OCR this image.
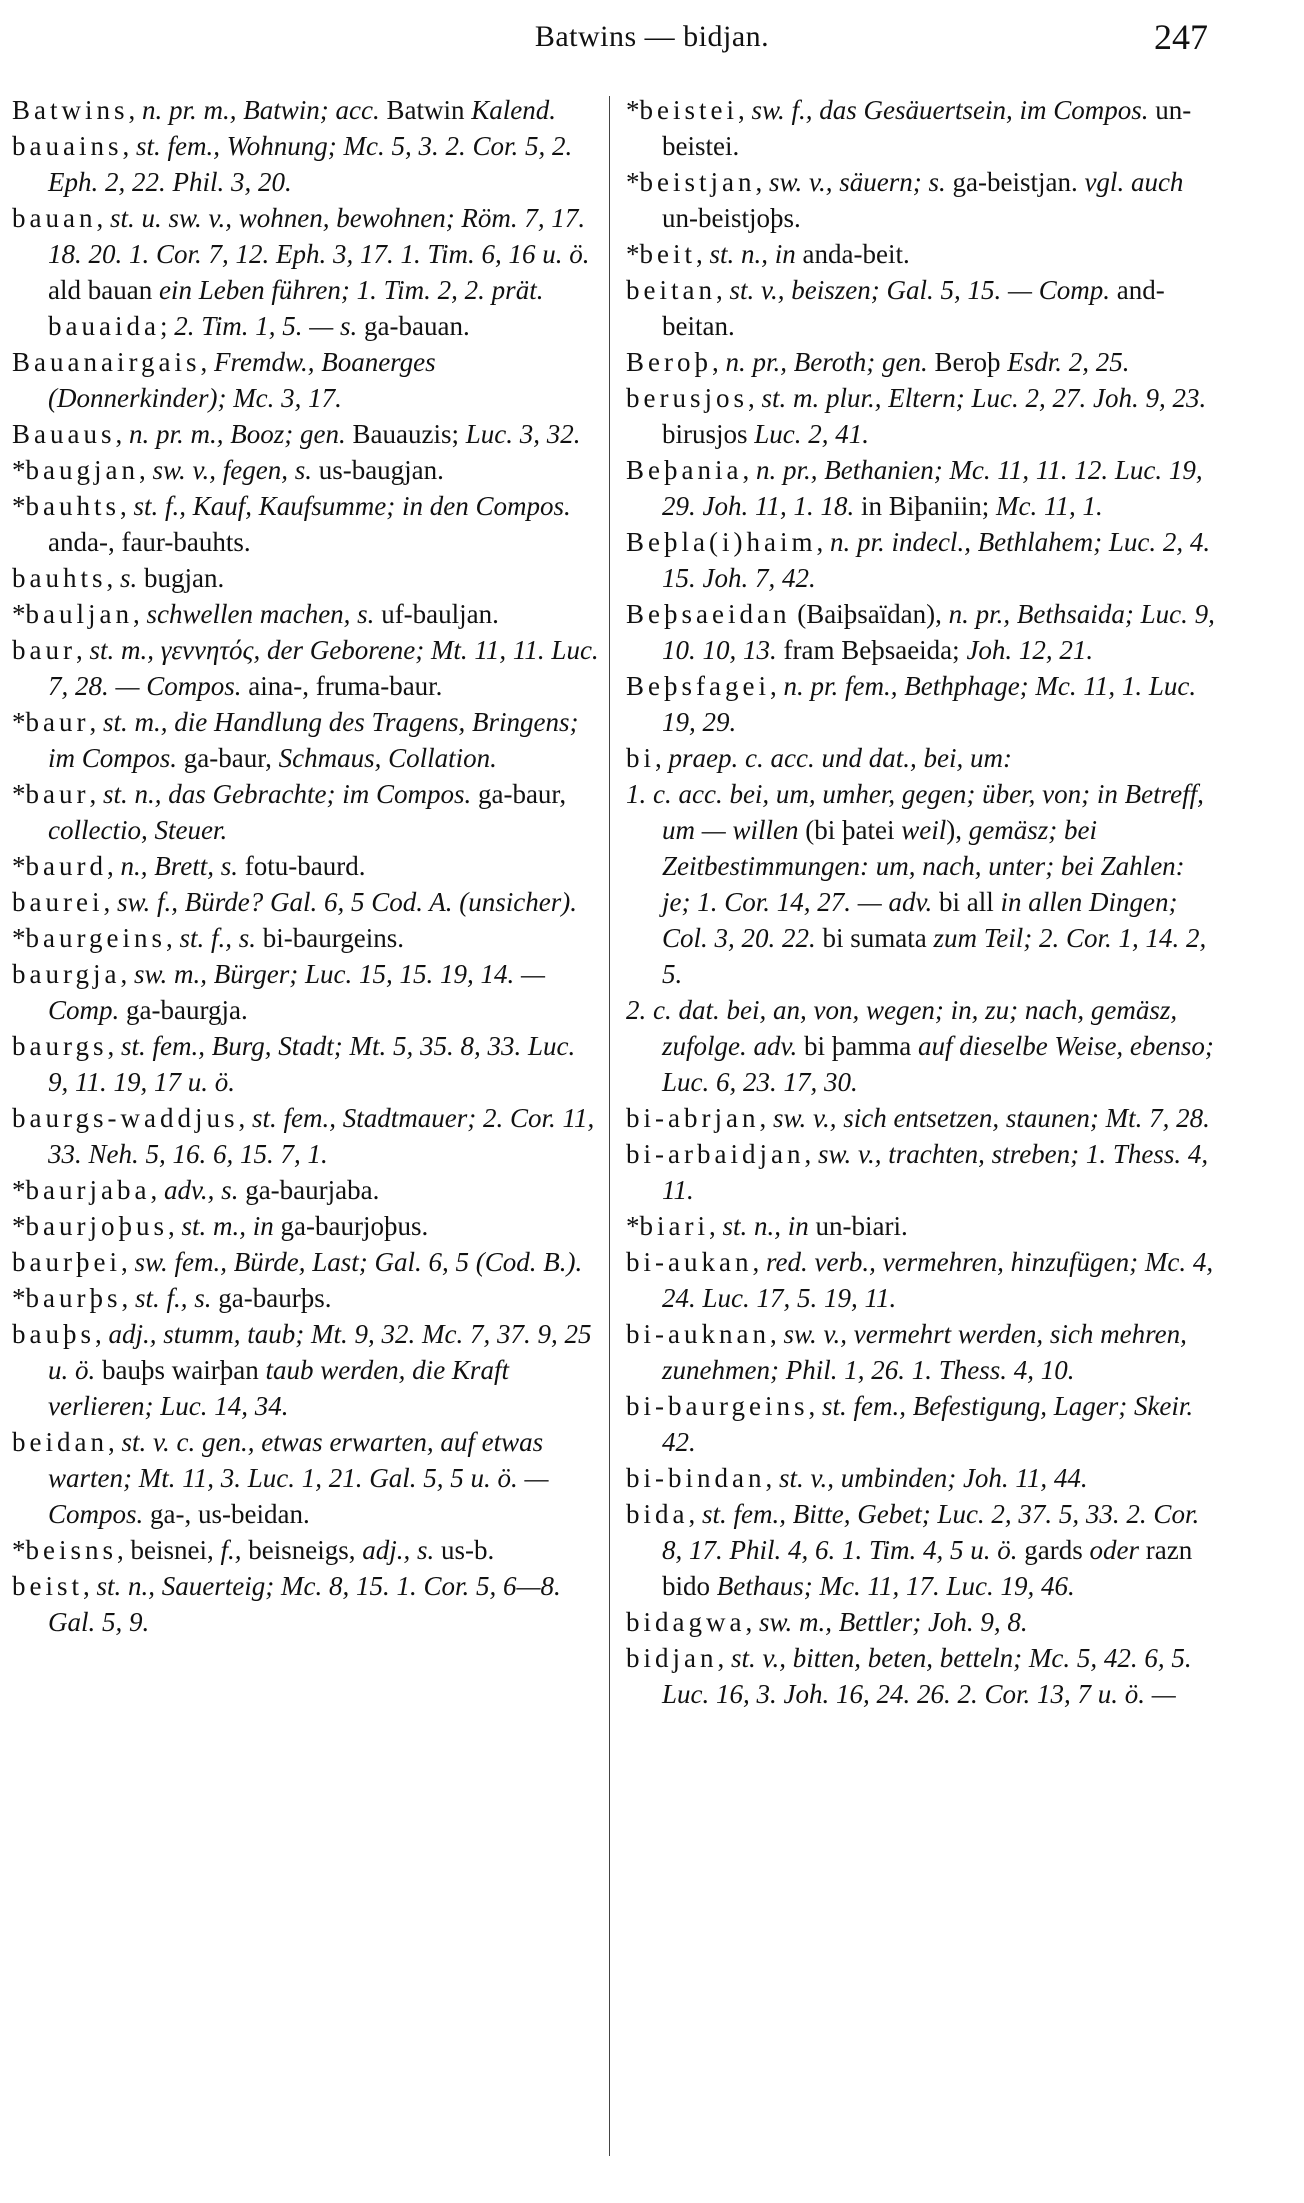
Batwins — bidjan.	247

Batwins, n. pr. m., Batwin; acc. Batwin Kalend.

bauains, st. fem., Wohnung; Mc. 5, 3. 2. Cor. 5, 2. Eph. 2, 22. Phil. 3, 20.

bauan, st. u. sw. v., wohnen, bewohnen; Röm. 7, 17. 18. 20. 1. Cor. 7, 12. Eph. 3, 17. 1. Tim. 6, 16 u. ö. ald bauan ein Leben führen; 1. Tim. 2, 2. prät. bauaida; 2. Tim. 1, 5. — s. ga-bauan.

Bauanairgais, Fremdw., Boanerges (Donnerkinder); Mc. 3, 17.

Bauaus, n. pr. m., Booz; gen. Bauauzis; Luc. 3, 32.

*baugjan, sw. v., fegen, s. us-baugjan.

*bauhts, st. f., Kauf, Kaufsumme; in den Compos. anda-, faur-bauhts.

bauhts, s. bugjan.

*bauljan, schwellen machen, s. uf-bauljan.

baur, st. m., γεννητός, der Geborene; Mt. 11, 11. Luc. 7, 28. — Compos. aina-, fruma-baur.

*baur, st. m., die Handlung des Tragens, Bringens; im Compos. ga-baur, Schmaus, Collation.

*baur, st. n., das Gebrachte; im Compos. ga-baur, collectio, Steuer.

*baurd, n., Brett, s. fotu-baurd.

baurei, sw. f., Bürde? Gal. 6, 5 Cod. A. (unsicher).

*baurgeins, st. f., s. bi-baurgeins.

baurgja, sw. m., Bürger; Luc. 15, 15. 19, 14. — Comp. ga-baurgja.

baurgs, st. fem., Burg, Stadt; Mt. 5, 35. 8, 33. Luc. 9, 11. 19, 17 u. ö.

baurgs-waddjus, st. fem., Stadtmauer; 2. Cor. 11, 33. Neh. 5, 16. 6, 15. 7, 1.

*baurjaba, adv., s. ga-baurjaba.

*baurjoþus, st. m., in ga-baurjoþus.

baurþei, sw. fem., Bürde, Last; Gal. 6, 5 (Cod. B.).

*baurþs, st. f., s. ga-baurþs.

bauþs, adj., stumm, taub; Mt. 9, 32. Mc. 7, 37. 9, 25 u. ö. bauþs wairþan taub werden, die Kraft verlieren; Luc. 14, 34.

beidan, st. v. c. gen., etwas erwarten, auf etwas warten; Mt. 11, 3. Luc. 1, 21. Gal. 5, 5 u. ö. — Compos. ga-, us-beidan.

*beisns, beisnei, f., beisneigs, adj., s. us-b.

beist, st. n., Sauerteig; Mc. 8, 15. 1. Cor. 5, 6—8. Gal. 5, 9.

*beistei, sw. f., das Gesäuertsein, im Compos. un-beistei.

*beistjan, sw. v., säuern; s. ga-beistjan. vgl. auch un-beistjoþs.

*beit, st. n., in anda-beit.

beitan, st. v., beiszen; Gal. 5, 15. — Comp. and-beitan.

Beroþ, n. pr., Beroth; gen. Beroþ Esdr. 2, 25.

berusjos, st. m. plur., Eltern; Luc. 2, 27. Joh. 9, 23. birusjos Luc. 2, 41.

Beþania, n. pr., Bethanien; Mc. 11, 11. 12. Luc. 19, 29. Joh. 11, 1. 18. in Biþaniin; Mc. 11, 1.

Beþla(i)haim, n. pr. indecl., Bethlahem; Luc. 2, 4. 15. Joh. 7, 42.

Beþsaeidan (Baiþsaïdan), n. pr., Bethsaida; Luc. 9, 10. 10, 13. fram Beþsaeida; Joh. 12, 21.

Beþsfagei, n. pr. fem., Bethphage; Mc. 11, 1. Luc. 19, 29.

bi, praep. c. acc. und dat., bei, um:

1. c. acc. bei, um, umher, gegen; über, von; in Betreff, um — willen (bi þatei weil), gemäsz; bei Zeitbestimmungen: um, nach, unter; bei Zahlen: je; 1. Cor. 14, 27. — adv. bi all in allen Dingen; Col. 3, 20. 22. bi sumata zum Teil; 2. Cor. 1, 14. 2, 5.

2. c. dat. bei, an, von, wegen; in, zu; nach, gemäsz, zufolge. adv. bi þamma auf dieselbe Weise, ebenso; Luc. 6, 23. 17, 30.

bi-abrjan, sw. v., sich entsetzen, staunen; Mt. 7, 28.

bi-arbaidjan, sw. v., trachten, streben; 1. Thess. 4, 11.

*biari, st. n., in un-biari.

bi-aukan, red. verb., vermehren, hinzufügen; Mc. 4, 24. Luc. 17, 5. 19, 11.

bi-auknan, sw. v., vermehrt werden, sich mehren, zunehmen; Phil. 1, 26. 1. Thess. 4, 10.

bi-baurgeins, st. fem., Befestigung, Lager; Skeir. 42.

bi-bindan, st. v., umbinden; Joh. 11, 44.

bida, st. fem., Bitte, Gebet; Luc. 2, 37. 5, 33. 2. Cor. 8, 17. Phil. 4, 6. 1. Tim. 4, 5 u. ö. gards oder razn bido Bethaus; Mc. 11, 17. Luc. 19, 46.

bidagwa, sw. m., Bettler; Joh. 9, 8.

bidjan, st. v., bitten, beten, betteln; Mc. 5, 42. 6, 5. Luc. 16, 3. Joh. 16, 24. 26. 2. Cor. 13, 7 u. ö. —
